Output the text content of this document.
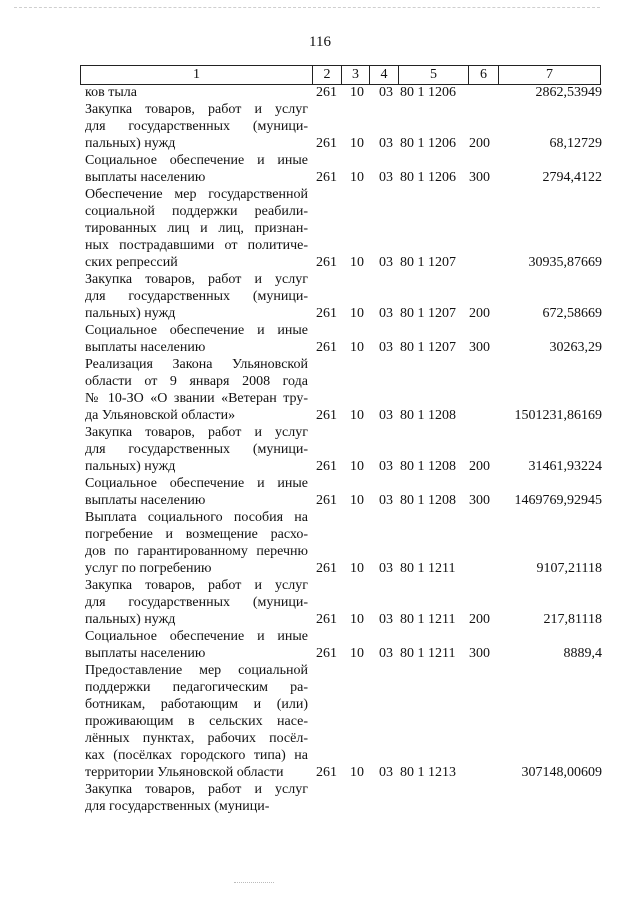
116
1	2	3	4	5	6	7
ков тыла	261 10 03 80 1 1206	2862,53949
Закупка товаров, работ и услуг
для государственных (муници-
пальных) нужд	261 10 03 80 1 1206 200	68,12729
Социальное обеспечение и иные
выплаты населению	261 10 03 80 1 1206 300	2794,4122
Обеспечение мер государственной
социальной поддержки реабили-
тированных лиц и лиц, признан-
ных пострадавшими от политиче-
ских репрессий	261 10 03 80 1 1207	30935,87669
Закупка товаров, работ и услуг
для государственных (муници-
пальных) нужд	261 10 03 80 1 1207 200	672,58669
Социальное обеспечение и иные
выплаты населению	261 10 03 80 1 1207 300	30263,29
Реализация Закона Ульяновской
области от 9 января 2008 года
№ 10-ЗО «О звании «Ветеран тру-
да Ульяновской области»	261 10 03 80 1 1208	1501231,86169
Закупка товаров, работ и услуг
для государственных (муници-
пальных) нужд	261 10 03 80 1 1208 200	31461,93224
Социальное обеспечение и иные
выплаты населению	261 10 03 80 1 1208 300 1469769,92945
Выплата социального пособия на
погребение и возмещение расхо-
дов по гарантированному перечню
услуг по погребению	261 10 03 80 1 1211	9107,21118
Закупка товаров, работ и услуг
для государственных (муници-
пальных) нужд	261 10 03 80 1 1211 200	217,81118
Социальное обеспечение и иные
выплаты населению	261 10 03 80 1 1211 300	8889,4
Предоставление мер социальной
поддержки педагогическим ра-
ботникам, работающим и (или)
проживающим в сельских насе-
лённых пунктах, рабочих посёл-
ках (посёлках городского типа) на
территории Ульяновской области	261 10 03 80 1 1213	307148,00609
Закупка товаров, работ и услуг
для государственных (муници-
